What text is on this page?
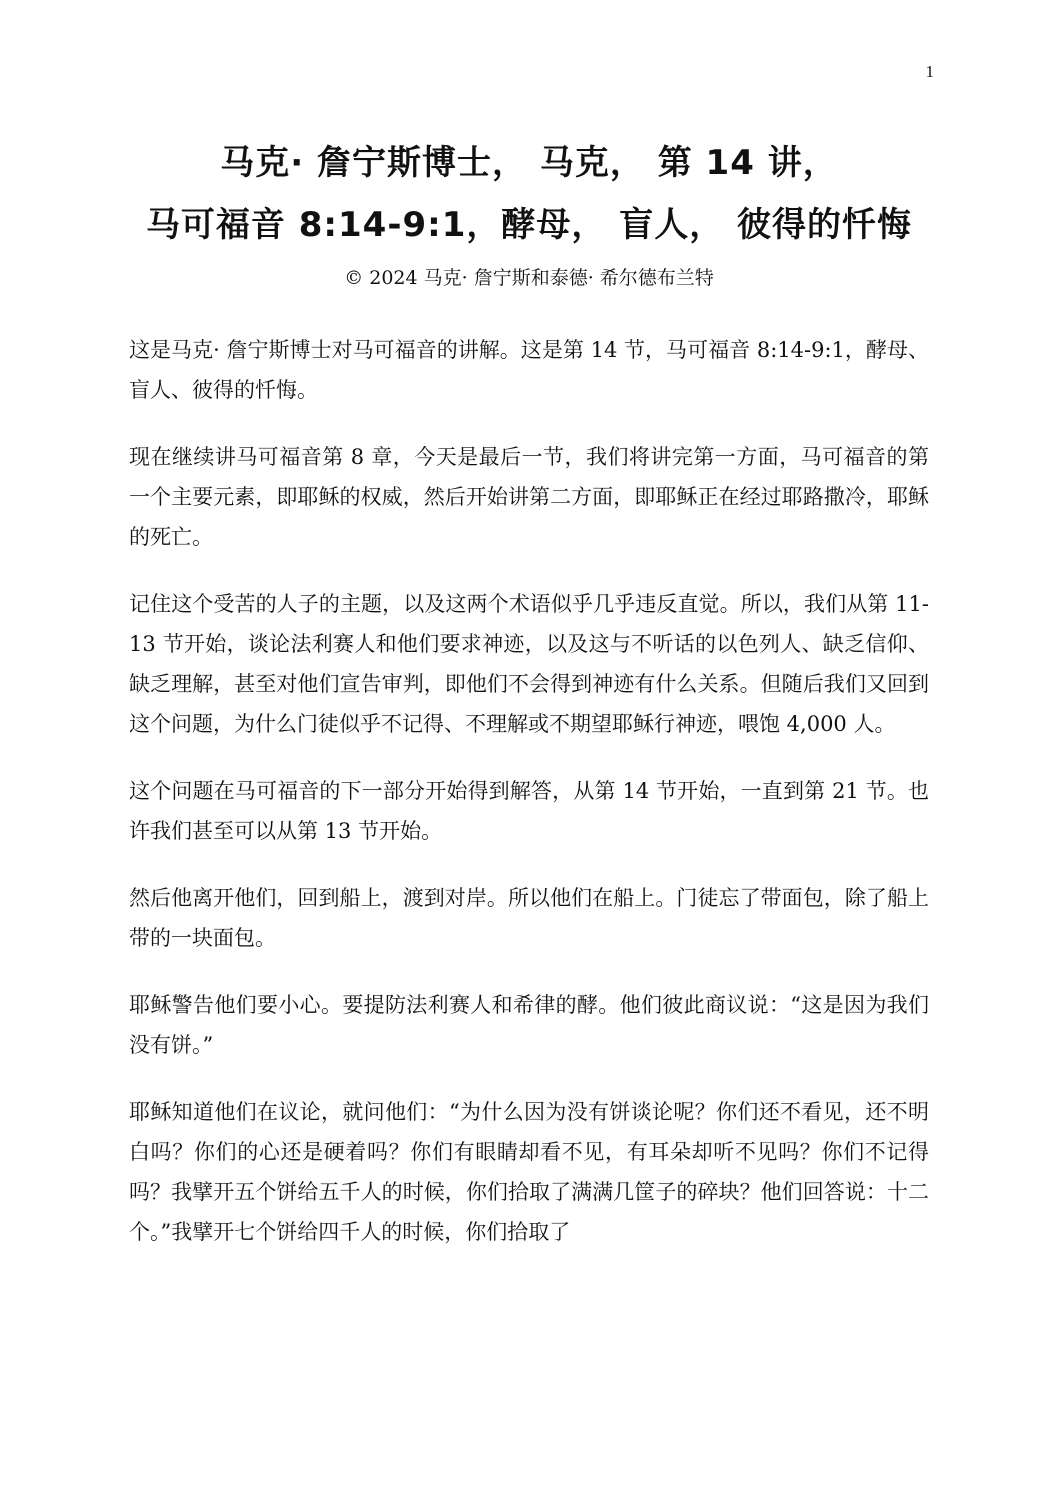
1
马克· 詹宁斯博士， 马克， 第 14 讲，
马可福音 8:14-9:1，酵母， 盲人， 彼得的忏悔
© 2024 马克· 詹宁斯和泰德· 希尔德布兰特

这是马克· 詹宁斯博士对马可福音的讲解。这是第 14 节，马可福音 8:14-9:1，酵母、盲人、彼得的忏悔。

现在继续讲马可福音第 8 章，今天是最后一节，我们将讲完第一方面，马可福音的第一个主要元素，即耶稣的权威，然后开始讲第二方面，即耶稣正在经过耶路撒冷，耶稣的死亡。

记住这个受苦的人子的主题，以及这两个术语似乎几乎违反直觉。所以，我们从第 11-13 节开始，谈论法利赛人和他们要求神迹，以及这与不听话的以色列人、缺乏信仰、缺乏理解，甚至对他们宣告审判，即他们不会得到神迹有什么关系。但随后我们又回到这个问题，为什么门徒似乎不记得、不理解或不期望耶稣行神迹，喂饱 4,000 人。

这个问题在马可福音的下一部分开始得到解答，从第 14 节开始，一直到第 21 节。也许我们甚至可以从第 13 节开始。

然后他离开他们，回到船上，渡到对岸。所以他们在船上。门徒忘了带面包，除了船上带的一块面包。

耶稣警告他们要小心。要提防法利赛人和希律的酵。他们彼此商议说：“这是因为我们没有饼。”

耶稣知道他们在议论，就问他们：“为什么因为没有饼谈论呢？你们还不看见，还不明白吗？你们的心还是硬着吗？你们有眼睛却看不见，有耳朵却听不见吗？你们不记得吗？我擘开五个饼给五千人的时候，你们拾取了满满几筐子的碎块？他们回答说：十二个。”我擘开七个饼给四千人的时候，你们拾取了
